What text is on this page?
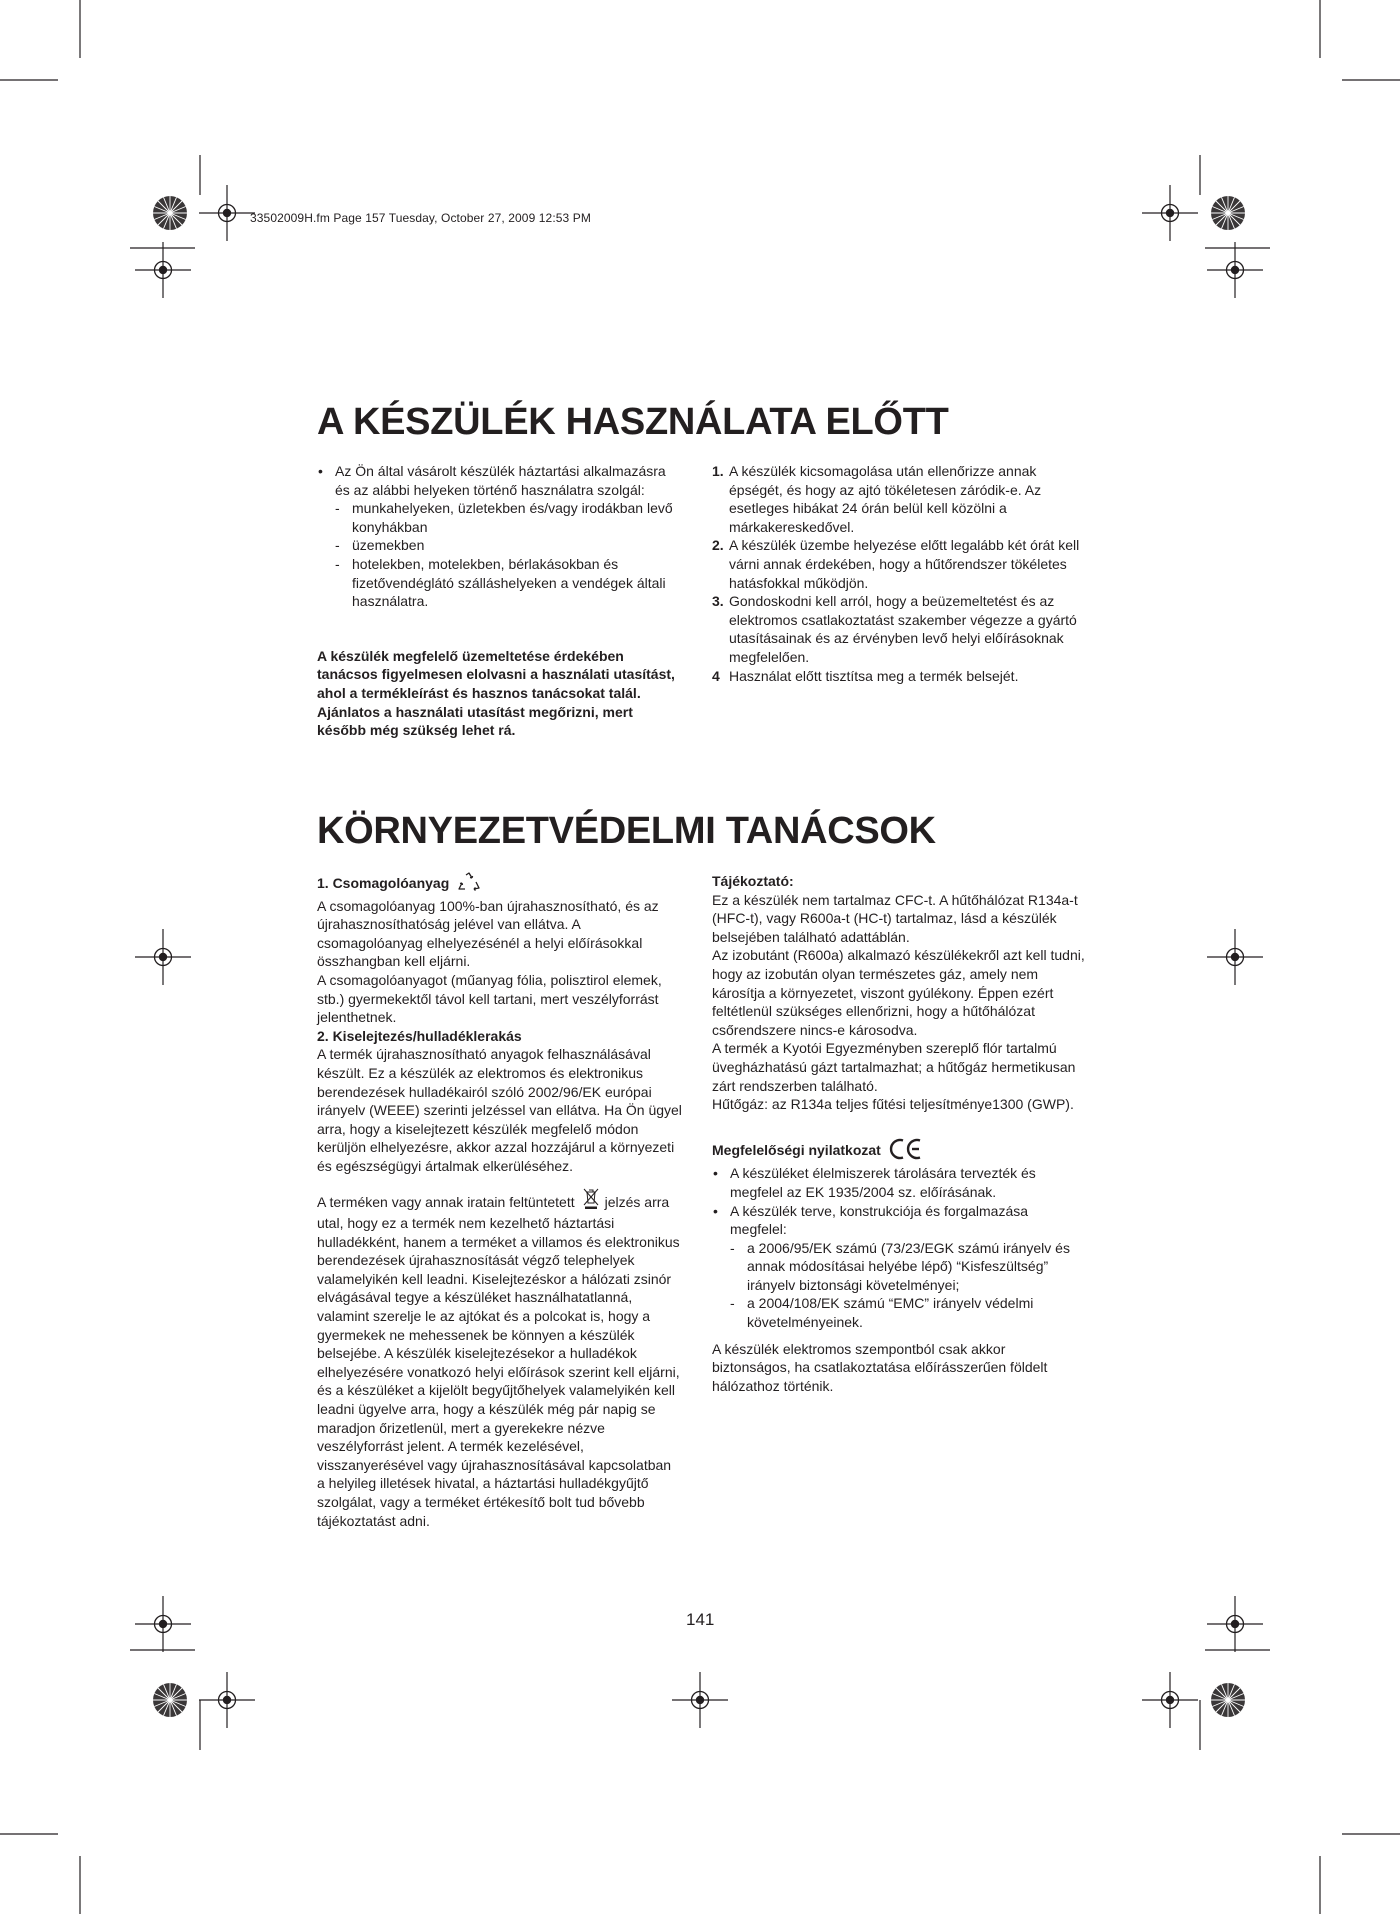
33502009H.fm Page 157 Tuesday, October 27, 2009 12:53 PM
A KÉSZÜLÉK HASZNÁLATA ELŐTT

• Az Ön által vásárolt készülék háztartási alkalmazásra és az alábbi helyeken történő használatra szolgál:

- munkahelyeken, üzletekben és/vagy irodákban levő konyhákban

- üzemekben

- hotelekben, motelekben, bérlakásokban és fizetővendéglátó szálláshelyeken a vendégek általi használatra.

A készülék megfelelő üzemeltetése érdekében tanácsos figyelmesen elolvasni a használati utasítást, ahol a termékleírást és hasznos tanácsokat talál.

Ajánlatos a használati utasítást megőrizni, mert később még szükség lehet rá.

1. A készülék kicsomagolása után ellenőrizze annak épségét, és hogy az ajtó tökéletesen záródik-e. Az esetleges hibákat 24 órán belül kell közölni a márkakereskedővel.

2. A készülék üzembe helyezése előtt legalább két órát kell várni annak érdekében, hogy a hűtőrendszer tökéletes hatásfokkal működjön.

3. Gondoskodni kell arról, hogy a beüzemeltetést és az elektromos csatlakoztatást szakember végezze a gyártó utasításainak és az érvényben levő helyi előírásoknak megfelelően.

4 Használat előtt tisztítsa meg a termék belsejét.

KÖRNYEZETVÉDELMI TANÁCSOK

1. Csomagolóanyag

A csomagolóanyag 100%-ban újrahasznosítható, és az újrahasznosíthatóság jelével van ellátva. A csomagolóanyag elhelyezésénél a helyi előírásokkal összhangban kell eljárni.

A csomagolóanyagot (műanyag fólia, polisztirol elemek, stb.) gyermekektől távol kell tartani, mert veszélyforrást jelenthetnek.

2. Kiselejtezés/hulladéklerakás

A termék újrahasznosítható anyagok felhasználásával készült. Ez a készülék az elektromos és elektronikus berendezések hulladékairól szóló 2002/96/EK európai irányelv (WEEE) szerinti jelzéssel van ellátva. Ha Ön ügyel arra, hogy a kiselejtezett készülék megfelelő módon kerüljön elhelyezésre, akkor azzal hozzájárul a környezeti és egészségügyi ártalmak elkerüléséhez.

A terméken vagy annak iratain feltüntetett jelzés arra utal, hogy ez a termék nem kezelhető háztartási hulladékként, hanem a terméket a villamos és elektronikus berendezések újrahasznosítását végző telephelyek valamelyikén kell leadni. Kiselejtezéskor a hálózati zsinór elvágásával tegye a készüléket használhatatlanná, valamint szerelje le az ajtókat és a polcokat is, hogy a gyermekek ne mehessenek be könnyen a készülék belsejébe. A készülék kiselejtezésekor a hulladékok elhelyezésére vonatkozó helyi előírások szerint kell eljárni, és a készüléket a kijelölt begyűjtőhelyek valamelyikén kell leadni ügyelve arra, hogy a készülék még pár napig se maradjon őrizetlenül, mert a gyerekekre nézve veszélyforrást jelent. A termék kezelésével, visszanyerésével vagy újrahasznosításával kapcsolatban a helyileg illetések hivatal, a háztartási hulladékgyűjtő szolgálat, vagy a terméket értékesítő bolt tud bővebb tájékoztatást adni.

Tájékoztató:

Ez a készülék nem tartalmaz CFC-t. A hűtőhálózat R134a-t (HFC-t), vagy R600a-t (HC-t) tartalmaz, lásd a készülék belsejében található adattáblán.

Az izobutánt (R600a) alkalmazó készülékekről azt kell tudni, hogy az izobután olyan természetes gáz, amely nem károsítja a környezetet, viszont gyúlékony. Éppen ezért feltétlenül szükséges ellenőrizni, hogy a hűtőhálózat csőrendszere nincs-e károsodva.

A termék a Kyotói Egyezményben szereplő flór tartalmú üvegházhatású gázt tartalmazhat; a hűtőgáz hermetikusan zárt rendszerben található.

Hűtőgáz: az R134a teljes fűtési teljesítménye1300 (GWP).

Megfelelőségi nyilatkozat

• A készüléket élelmiszerek tárolására tervezték és megfelel az EK 1935/2004 sz. előírásának.

• A készülék terve, konstrukciója és forgalmazása megfelel:

- a 2006/95/EK számú (73/23/EGK számú irányelv és annak módosításai helyébe lépő) “Kisfeszültség” irányelv biztonsági követelményei;

- a 2004/108/EK számú “EMC” irányelv védelmi követelményeinek.

A készülék elektromos szempontból csak akkor biztonságos, ha csatlakoztatása előírásszerűen földelt hálózathoz történik.

141
